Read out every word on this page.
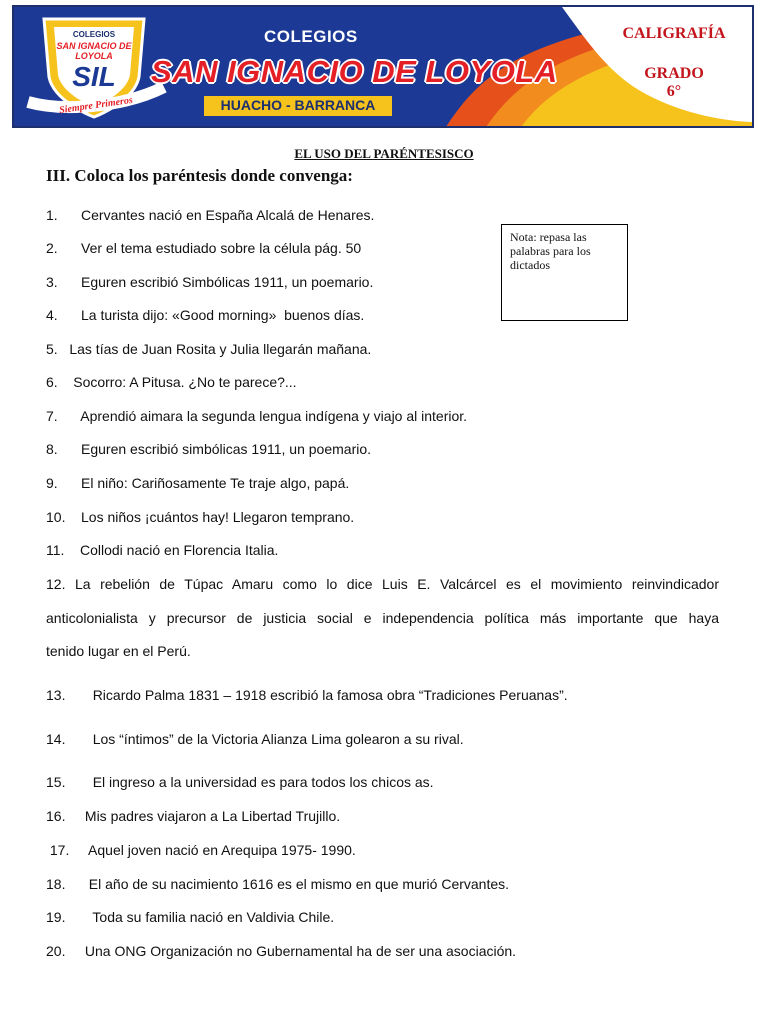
COLEGIOS
SAN IGNACIO DE LOYOLA
SIL
Siempre Primeros
COLEGIOS
SAN IGNACIO DE LOYOLA
HUACHO - BARRANCA
CALIGRAFÍA
GRADO
6°
EL USO DEL PARÉNTESISCO
III. Coloca los paréntesis donde convenga:
Nota: repasa las palabras para los dictados
1.      Cervantes nació en España Alcalá de Henares.
2.      Ver el tema estudiado sobre la célula pág. 50
3.      Eguren escribió Simbólicas 1911, un poemario.
4.      La turista dijo: «Good morning»  buenos días.
5.   Las tías de Juan Rosita y Julia llegarán mañana.
6.    Socorro: A Pitusa. ¿No te parece?...
7.      Aprendió aimara la segunda lengua indígena y viajo al interior.
8.      Eguren escribió simbólicas 1911, un poemario.
9.      El niño: Cariñosamente Te traje algo, papá.
10.    Los niños ¡cuántos hay! Llegaron temprano.
11.    Collodi nació en Florencia Italia.
12. La rebelión de Túpac Amaru como lo dice Luis E. Valcárcel es el movimiento reinvindicador
anticolonialista y precursor de justicia social e independencia política más importante que haya
tenido lugar en el Perú.
13.       Ricardo Palma 1831 – 1918 escribió la famosa obra “Tradiciones Peruanas”.
14.       Los “íntimos” de la Victoria Alianza Lima golearon a su rival.
15.       El ingreso a la universidad es para todos los chicos as.
16.     Mis padres viajaron a La Libertad Trujillo.
17.     Aquel joven nació en Arequipa 1975- 1990.
18.      El año de su nacimiento 1616 es el mismo en que murió Cervantes.
19.       Toda su familia nació en Valdivia Chile.
20.     Una ONG Organización no Gubernamental ha de ser una asociación.
